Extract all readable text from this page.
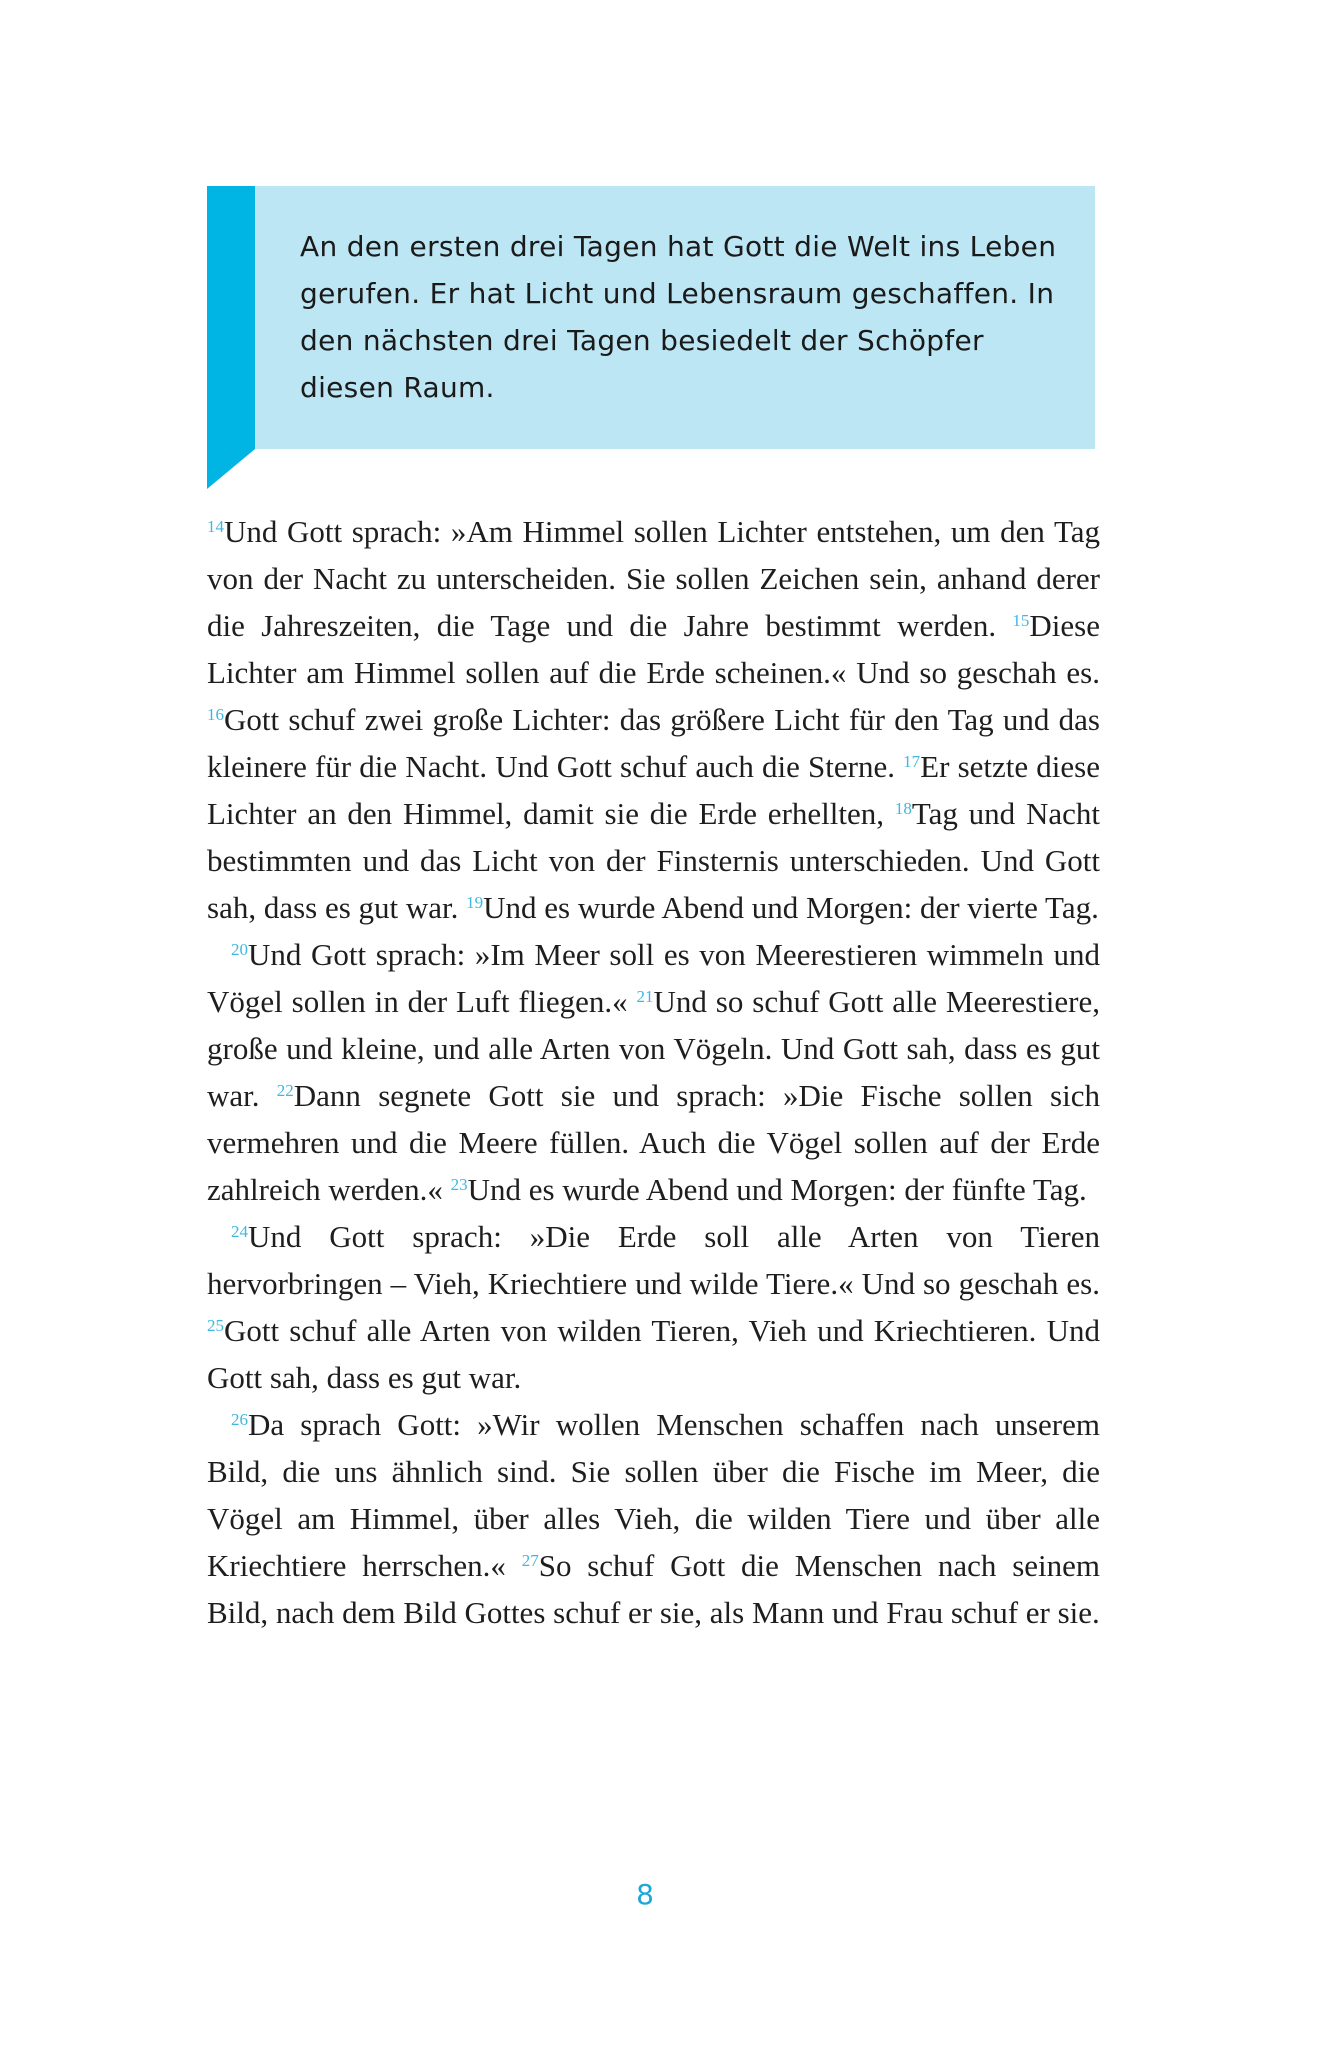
An den ersten drei Tagen hat Gott die Welt ins Leben gerufen. Er hat Licht und Lebensraum geschaffen. In den nächsten drei Tagen besiedelt der Schöpfer diesen Raum.

$^{14}$Und Gott sprach: »Am Himmel sollen Lichter entstehen, um den Tag von der Nacht zu unterscheiden. Sie sollen Zeichen sein, anhand derer die Jahreszeiten, die Tage und die Jahre bestimmt werden. $^{15}$Diese Lichter am Himmel sollen auf die Erde scheinen.« Und so geschah es. $^{16}$Gott schuf zwei große Lichter: das größere Licht für den Tag und das kleinere für die Nacht. Und Gott schuf auch die Sterne. $^{17}$Er setzte diese Lichter an den Himmel, damit sie die Erde erhellten, $^{18}$Tag und Nacht bestimmten und das Licht von der Finsternis unterschieden. Und Gott sah, dass es gut war. $^{19}$Und es wurde Abend und Morgen: der vierte Tag.

$^{20}$Und Gott sprach: »Im Meer soll es von Meerestieren wimmeln und Vögel sollen in der Luft fliegen.« $^{21}$Und so schuf Gott alle Meerestiere, große und kleine, und alle Arten von Vögeln. Und Gott sah, dass es gut war. $^{22}$Dann segnete Gott sie und sprach: »Die Fische sollen sich vermehren und die Meere füllen. Auch die Vögel sollen auf der Erde zahlreich werden.« $^{23}$Und es wurde Abend und Morgen: der fünfte Tag.

$^{24}$Und Gott sprach: »Die Erde soll alle Arten von Tieren hervorbringen – Vieh, Kriechtiere und wilde Tiere.« Und so geschah es. $^{25}$Gott schuf alle Arten von wilden Tieren, Vieh und Kriechtieren. Und Gott sah, dass es gut war.

$^{26}$Da sprach Gott: »Wir wollen Menschen schaffen nach unserem Bild, die uns ähnlich sind. Sie sollen über die Fische im Meer, die Vögel am Himmel, über alles Vieh, die wilden Tiere und über alle Kriechtiere herrschen.« $^{27}$So schuf Gott die Menschen nach seinem Bild, nach dem Bild Gottes schuf er sie, als Mann und Frau schuf er sie.

8
